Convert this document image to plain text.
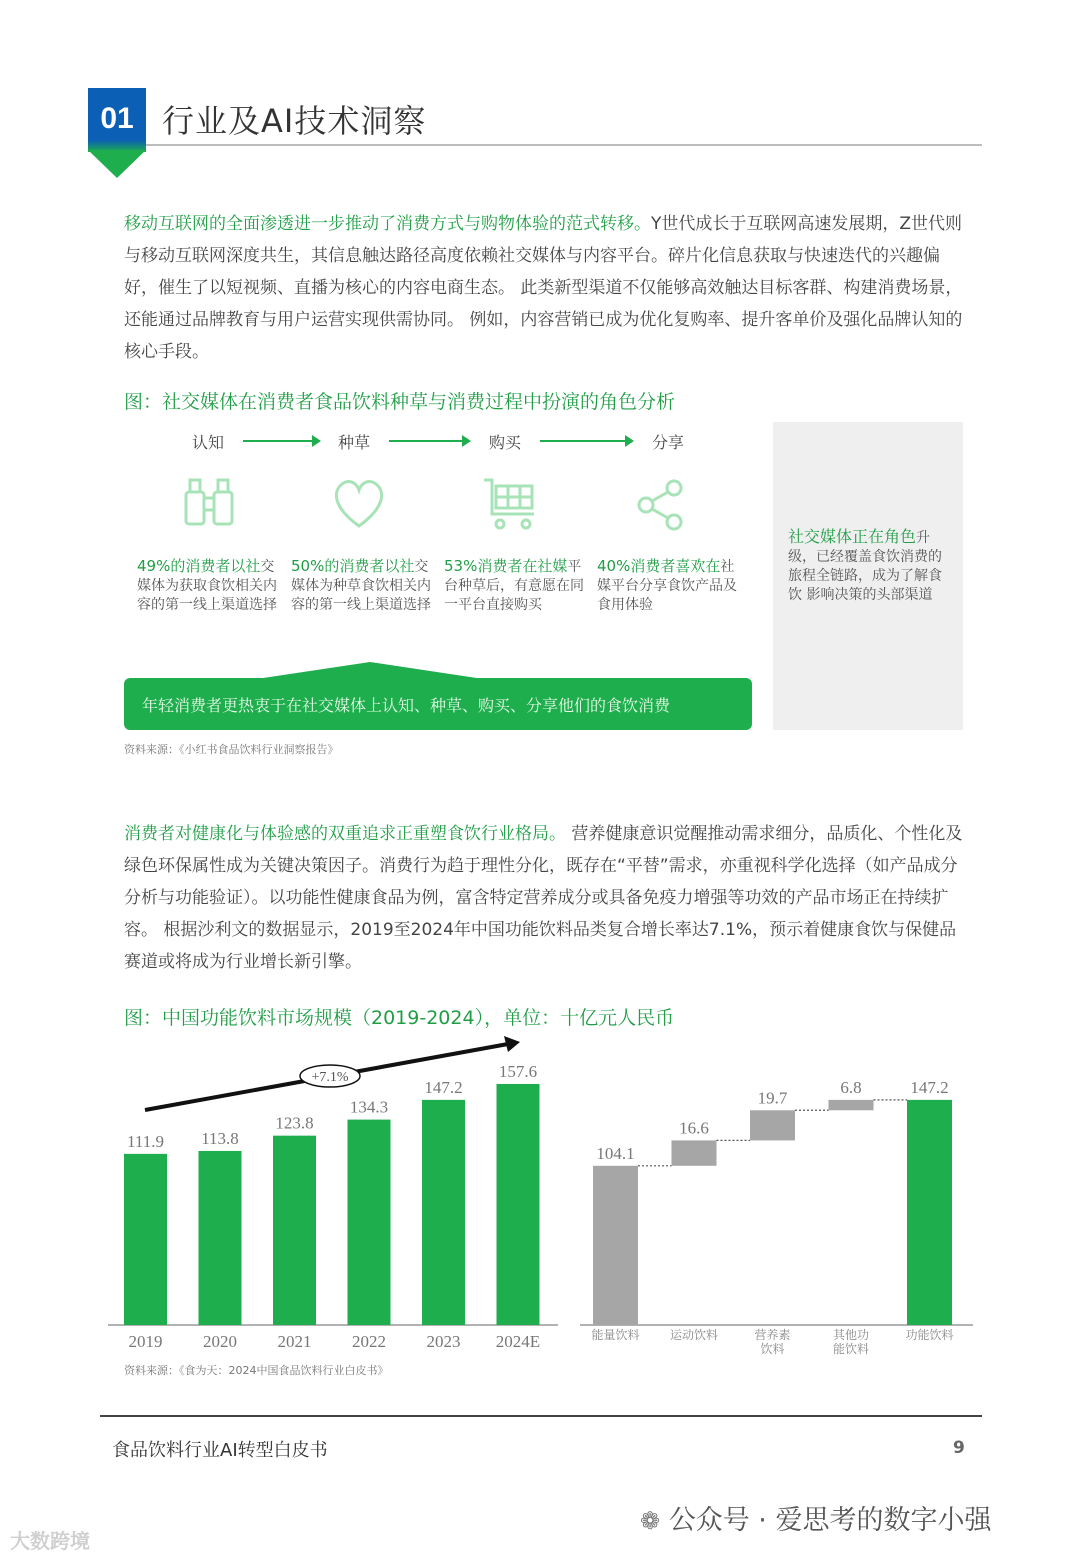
01 行业及AI技术洞察
移动互联网的全面渗透进一步推动了消费方式与购物体验的范式转移。Y世代成长于互联网高速发展期，Z世代则与移动互联网深度共生，其信息触达路径高度依赖社交媒体与内容平台。碎片化信息获取与快速迭代的兴趣偏好，催生了以短视频、直播为核心的内容电商生态。 此类新型渠道不仅能够高效触达目标客群、构建消费场景，还能通过品牌教育与用户运营实现供需协同。 例如，内容营销已成为优化复购率、提升客单价及强化品牌认知的核心手段。
图：社交媒体在消费者食品饮料种草与消费过程中扮演的角色分析
认知	种草	购买	分享
49%的消费者以社交媒体为获取食饮相关内容的第一线上渠道选择
50%的消费者以社交媒体为种草食饮相关内容的第一线上渠道选择
53%消费者在社媒平台种草后，有意愿在同一平台直接购买
40%消费者喜欢在社媒平台分享食饮产品及食用体验
年轻消费者更热衷于在社交媒体上认知、种草、购买、分享他们的食饮消费
社交媒体正在角色升级，已经覆盖食饮消费的旅程全链路，成为了解食饮 影响决策的头部渠道
资料来源：《小红书食品饮料行业洞察报告》
消费者对健康化与体验感的双重追求正重塑食饮行业格局。 营养健康意识觉醒推动需求细分，品质化、个性化及绿色环保属性成为关键决策因子。消费行为趋于理性分化，既存在“平替”需求，亦重视科学化选择（如产品成分分析与功能验证）。以功能性健康食品为例，富含特定营养成分或具备免疫力增强等功效的产品市场正在持续扩容。 根据沙利文的数据显示，2019至2024年中国功能饮料品类复合增长率达7.1%，预示着健康食饮与保健品赛道或将成为行业增长新引擎。
图：中国功能饮料市场规模（2019-2024），单位：十亿元人民币
111.9
2019
113.8
2020
123.8
2021
134.3
2022
147.2
2023
157.6
2024E
+7.1%
104.1
能量饮料
16.6
运动饮料
19.7
营养素
饮料
6.8
其他功
能饮料
147.2
功能饮料
资料来源：《食为天：2024中国食品饮料行业白皮书》
食品饮料行业AI转型白皮书	9
❁ 公众号 · 爱思考的数字小强
大数跨境
